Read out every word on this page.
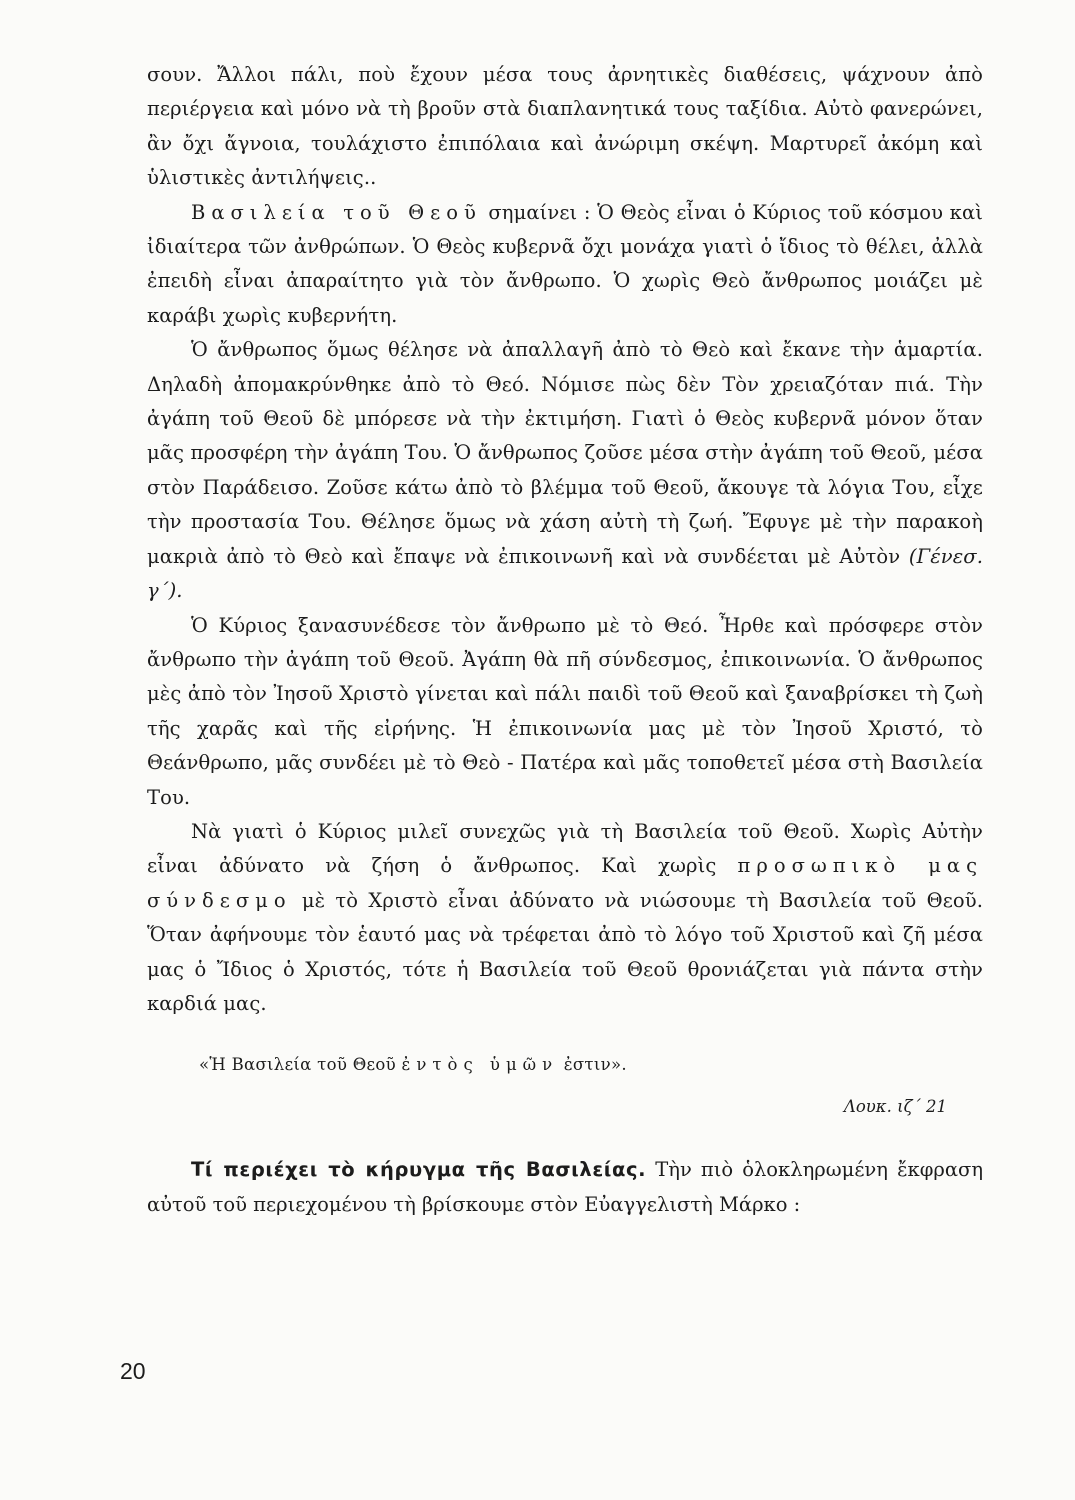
σουν. Ἄλλοι πάλι, ποὺ ἔχουν μέσα τους ἀρνητικὲς διαθέσεις, ψάχνουν ἀπὸ περιέργεια καὶ μόνο νὰ τὴ βροῦν στὰ διαπλανητικά τους ταξίδια. Αὐτὸ φανερώνει, ἂν ὄχι ἄγνοια, τουλάχιστο ἐπιπόλαια καὶ ἀνώριμη σκέψη. Μαρτυρεῖ ἀκόμη καὶ ὑλιστικὲς ἀντιλήψεις..

Βασιλεία τοῦ Θεοῦ σημαίνει : Ὁ Θεὸς εἶναι ὁ Κύριος τοῦ κόσμου καὶ ἰδιαίτερα τῶν ἀνθρώπων. Ὁ Θεὸς κυβερνᾶ ὄχι μονάχα γιατὶ ὁ ἴδιος τὸ θέλει, ἀλλὰ ἐπειδὴ εἶναι ἀπαραίτητο γιὰ τὸν ἄνθρωπο. Ὁ χωρὶς Θεὸ ἄνθρωπος μοιάζει μὲ καράβι χωρὶς κυβερνήτη.

Ὁ ἄνθρωπος ὅμως θέλησε νὰ ἀπαλλαγῆ ἀπὸ τὸ Θεὸ καὶ ἔκανε τὴν ἁμαρτία. Δηλαδὴ ἀπομακρύνθηκε ἀπὸ τὸ Θεό. Νόμισε πὼς δὲν Τὸν χρειαζόταν πιά. Τὴν ἀγάπη τοῦ Θεοῦ δὲ μπόρεσε νὰ τὴν ἐκτιμήση. Γιατὶ ὁ Θεὸς κυβερνᾶ μόνον ὅταν μᾶς προσφέρη τὴν ἀγάπη Του. Ὁ ἄνθρωπος ζοῦσε μέσα στὴν ἀγάπη τοῦ Θεοῦ, μέσα στὸν Παράδεισο. Ζοῦσε κάτω ἀπὸ τὸ βλέμμα τοῦ Θεοῦ, ἄκουγε τὰ λόγια Του, εἶχε τὴν προστασία Του. Θέλησε ὅμως νὰ χάση αὐτὴ τὴ ζωή. Ἔφυγε μὲ τὴν παρακοὴ μακριὰ ἀπὸ τὸ Θεὸ καὶ ἔπαψε νὰ ἐπικοινωνῆ καὶ νὰ συνδέεται μὲ Αὐτὸν (Γένεσ. γ΄).

Ὁ Κύριος ξανασυνέδεσε τὸν ἄνθρωπο μὲ τὸ Θεό. Ἦρθε καὶ πρόσφερε στὸν ἄνθρωπο τὴν ἀγάπη τοῦ Θεοῦ. Ἀγάπη θὰ πῆ σύνδεσμος, ἐπικοινωνία. Ὁ ἄνθρωπος μὲς ἀπὸ τὸν Ἰησοῦ Χριστὸ γίνεται καὶ πάλι παιδὶ τοῦ Θεοῦ καὶ ξαναβρίσκει τὴ ζωὴ τῆς χαρᾶς καὶ τῆς εἰρήνης. Ἡ ἐπικοινωνία μας μὲ τὸν Ἰησοῦ Χριστό, τὸ Θεάνθρωπο, μᾶς συνδέει μὲ τὸ Θεὸ - Πατέρα καὶ μᾶς τοποθετεῖ μέσα στὴ Βασιλεία Του.

Νὰ γιατὶ ὁ Κύριος μιλεῖ συνεχῶς γιὰ τὴ Βασιλεία τοῦ Θεοῦ. Χωρὶς Αὐτὴν εἶναι ἀδύνατο νὰ ζήση ὁ ἄνθρωπος. Καὶ χωρὶς προσωπικὸ μας σύνδεσμο μὲ τὸ Χριστὸ εἶναι ἀδύνατο νὰ νιώσουμε τὴ Βασιλεία τοῦ Θεοῦ. Ὅταν ἀφήνουμε τὸν ἑαυτό μας νὰ τρέφεται ἀπὸ τὸ λόγο τοῦ Χριστοῦ καὶ ζῆ μέσα μας ὁ Ἴδιος ὁ Χριστός, τότε ἡ Βασιλεία τοῦ Θεοῦ θρονιάζεται γιὰ πάντα στὴν καρδιά μας.

«Ἡ Βασιλεία τοῦ Θεοῦ ἐντὸς ὑμῶν ἐστιν».
Λουκ. ιζ΄ 21

Τί περιέχει τὸ κήρυγμα τῆς Βασιλείας. Τὴν πιὸ ὁλοκληρωμένη ἔκφραση αὐτοῦ τοῦ περιεχομένου τὴ βρίσκουμε στὸν Εὐαγγελιστὴ Μάρκο :

20
